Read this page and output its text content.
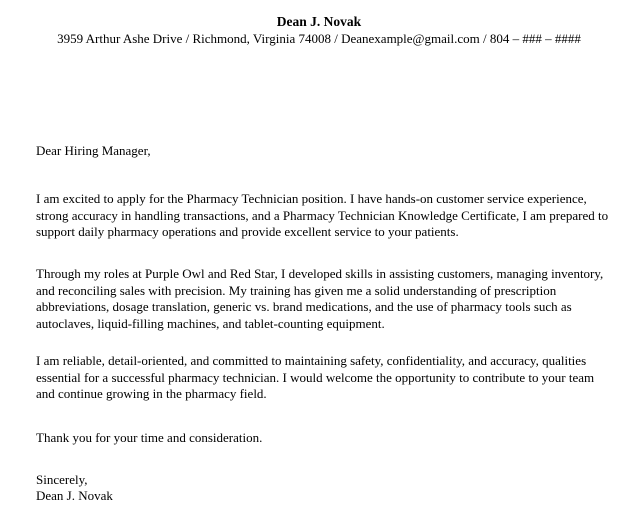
Dean J. Novak
3959 Arthur Ashe Drive / Richmond, Virginia 74008 / Deanexample@gmail.com / 804 – ### – ####
Dear Hiring Manager,
I am excited to apply for the Pharmacy Technician position. I have hands-on customer service experience, strong accuracy in handling transactions, and a Pharmacy Technician Knowledge Certificate, I am prepared to support daily pharmacy operations and provide excellent service to your patients.
Through my roles at Purple Owl and Red Star, I developed skills in assisting customers, managing inventory, and reconciling sales with precision. My training has given me a solid understanding of prescription abbreviations, dosage translation, generic vs. brand medications, and the use of pharmacy tools such as autoclaves, liquid-filling machines, and tablet-counting equipment.
I am reliable, detail-oriented, and committed to maintaining safety, confidentiality, and accuracy, qualities essential for a successful pharmacy technician. I would welcome the opportunity to contribute to your team and continue growing in the pharmacy field.
Thank you for your time and consideration.
Sincerely,
Dean J. Novak
